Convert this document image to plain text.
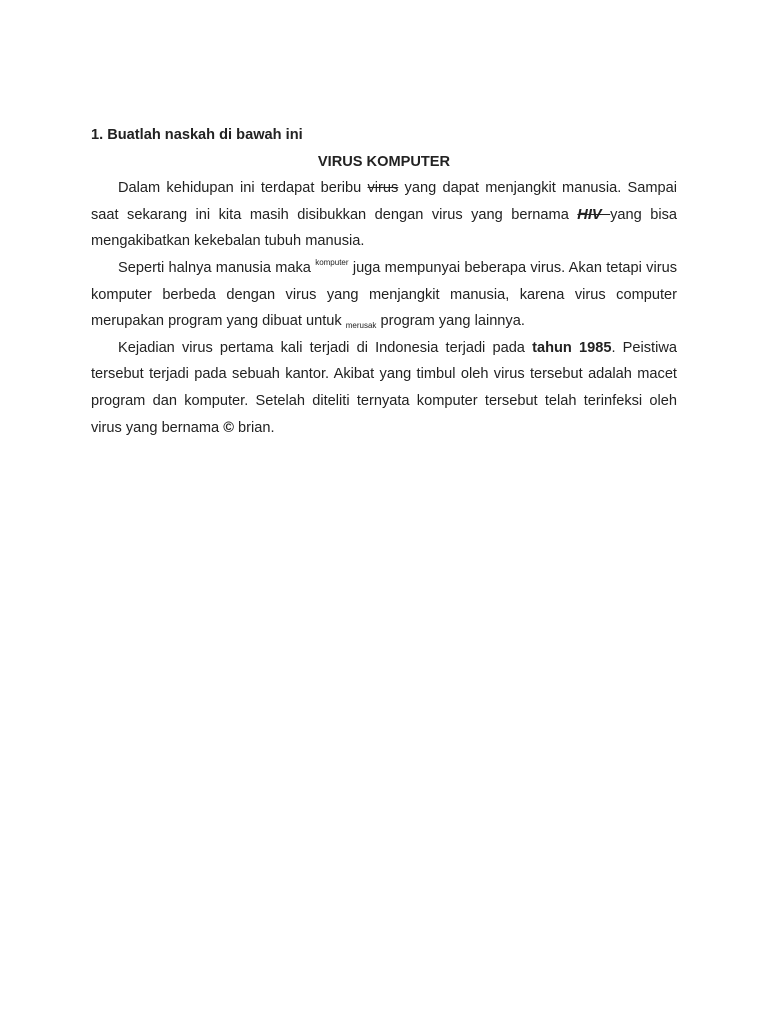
1. Buatlah naskah di bawah ini

VIRUS KOMPUTER

Dalam kehidupan ini terdapat beribu virus yang dapat menjangkit manusia. Sampai saat sekarang ini kita masih disibukkan dengan virus yang bernama HIV yang bisa mengakibatkan kekebalan tubuh manusia.

Seperti halnya manusia maka $^{komputer}$ juga mempunyai beberapa virus. Akan tetapi virus komputer berbeda dengan virus yang menjangkit manusia, karena virus computer merupakan program yang dibuat untuk $_{merusak}$ program yang lainnya.

Kejadian virus pertama kali terjadi di Indonesia terjadi pada tahun 1985. Peistiwa tersebut terjadi pada sebuah kantor. Akibat yang timbul oleh virus tersebut adalah macet program dan komputer. Setelah diteliti ternyata komputer tersebut telah terinfeksi oleh virus yang bernama © brian.
